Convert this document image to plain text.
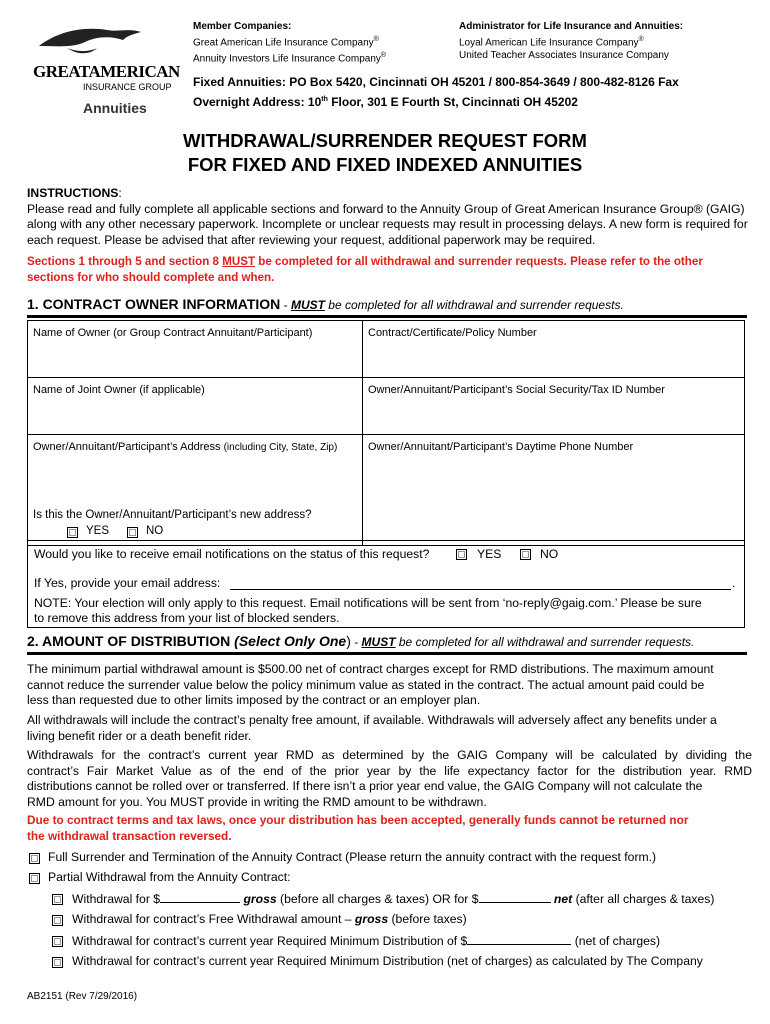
GREATAMERICAN
INSURANCE GROUP
Annuities
Member Companies:
Great American Life Insurance Company®
Annuity Investors Life Insurance Company®
Administrator for Life Insurance and Annuities:
Loyal American Life Insurance Company®
United Teacher Associates Insurance Company
Fixed Annuities: PO Box 5420, Cincinnati OH 45201 / 800-854-3649 / 800-482-8126 Fax
Overnight Address: 10th Floor, 301 E Fourth St, Cincinnati OH 45202
WITHDRAWAL/SURRENDER REQUEST FORM
FOR FIXED AND FIXED INDEXED ANNUITIES
INSTRUCTIONS:
Please read and fully complete all applicable sections and forward to the Annuity Group of Great American Insurance Group® (GAIG)
along with any other necessary paperwork. Incomplete or unclear requests may result in processing delays. A new form is required for
each request. Please be advised that after reviewing your request, additional paperwork may be required.
Sections 1 through 5 and section 8 MUST be completed for all withdrawal and surrender requests. Please refer to the other
sections for who should complete and when.
1. CONTRACT OWNER INFORMATION - MUST be completed for all withdrawal and surrender requests.
Name of Owner (or Group Contract Annuitant/Participant)	Contract/Certificate/Policy Number
Name of Joint Owner (if applicable)	Owner/Annuitant/Participant’s Social Security/Tax ID Number
Owner/Annuitant/Participant’s Address (including City, State, Zip)	Owner/Annuitant/Participant’s Daytime Phone Number
Is this the Owner/Annuitant/Participant’s new address?
YES	NO
Would you like to receive email notifications on the status of this request?	YES	NO
If Yes, provide your email address:	.
NOTE: Your election will only apply to this request. Email notifications will be sent from ‘no-reply@gaig.com.’ Please be sure
to remove this address from your list of blocked senders.
2. AMOUNT OF DISTRIBUTION (Select Only One) - MUST be completed for all withdrawal and surrender requests.
The minimum partial withdrawal amount is $500.00 net of contract charges except for RMD distributions. The maximum amount
cannot reduce the surrender value below the policy minimum value as stated in the contract. The actual amount paid could be
less than requested due to other limits imposed by the contract or an employer plan.
All withdrawals will include the contract’s penalty free amount, if available. Withdrawals will adversely affect any benefits under a
living benefit rider or a death benefit rider.
Withdrawals for the contract’s current year RMD as determined by the GAIG Company will be calculated by dividing the
contract’s Fair Market Value as of the end of the prior year by the life expectancy factor for the distribution year. RMD
distributions cannot be rolled over or transferred. If there isn’t a prior year end value, the GAIG Company will not calculate the
RMD amount for you. You MUST provide in writing the RMD amount to be withdrawn.
Due to contract terms and tax laws, once your distribution has been accepted, generally funds cannot be returned nor
the withdrawal transaction reversed.
Full Surrender and Termination of the Annuity Contract (Please return the annuity contract with the request form.)
Partial Withdrawal from the Annuity Contract:
Withdrawal for $	gross (before all charges & taxes) OR for $	net (after all charges & taxes)
Withdrawal for contract’s Free Withdrawal amount – gross (before taxes)
Withdrawal for contract’s current year Required Minimum Distribution of $	(net of charges)
Withdrawal for contract’s current year Required Minimum Distribution (net of charges) as calculated by The Company
AB2151 (Rev 7/29/2016)
